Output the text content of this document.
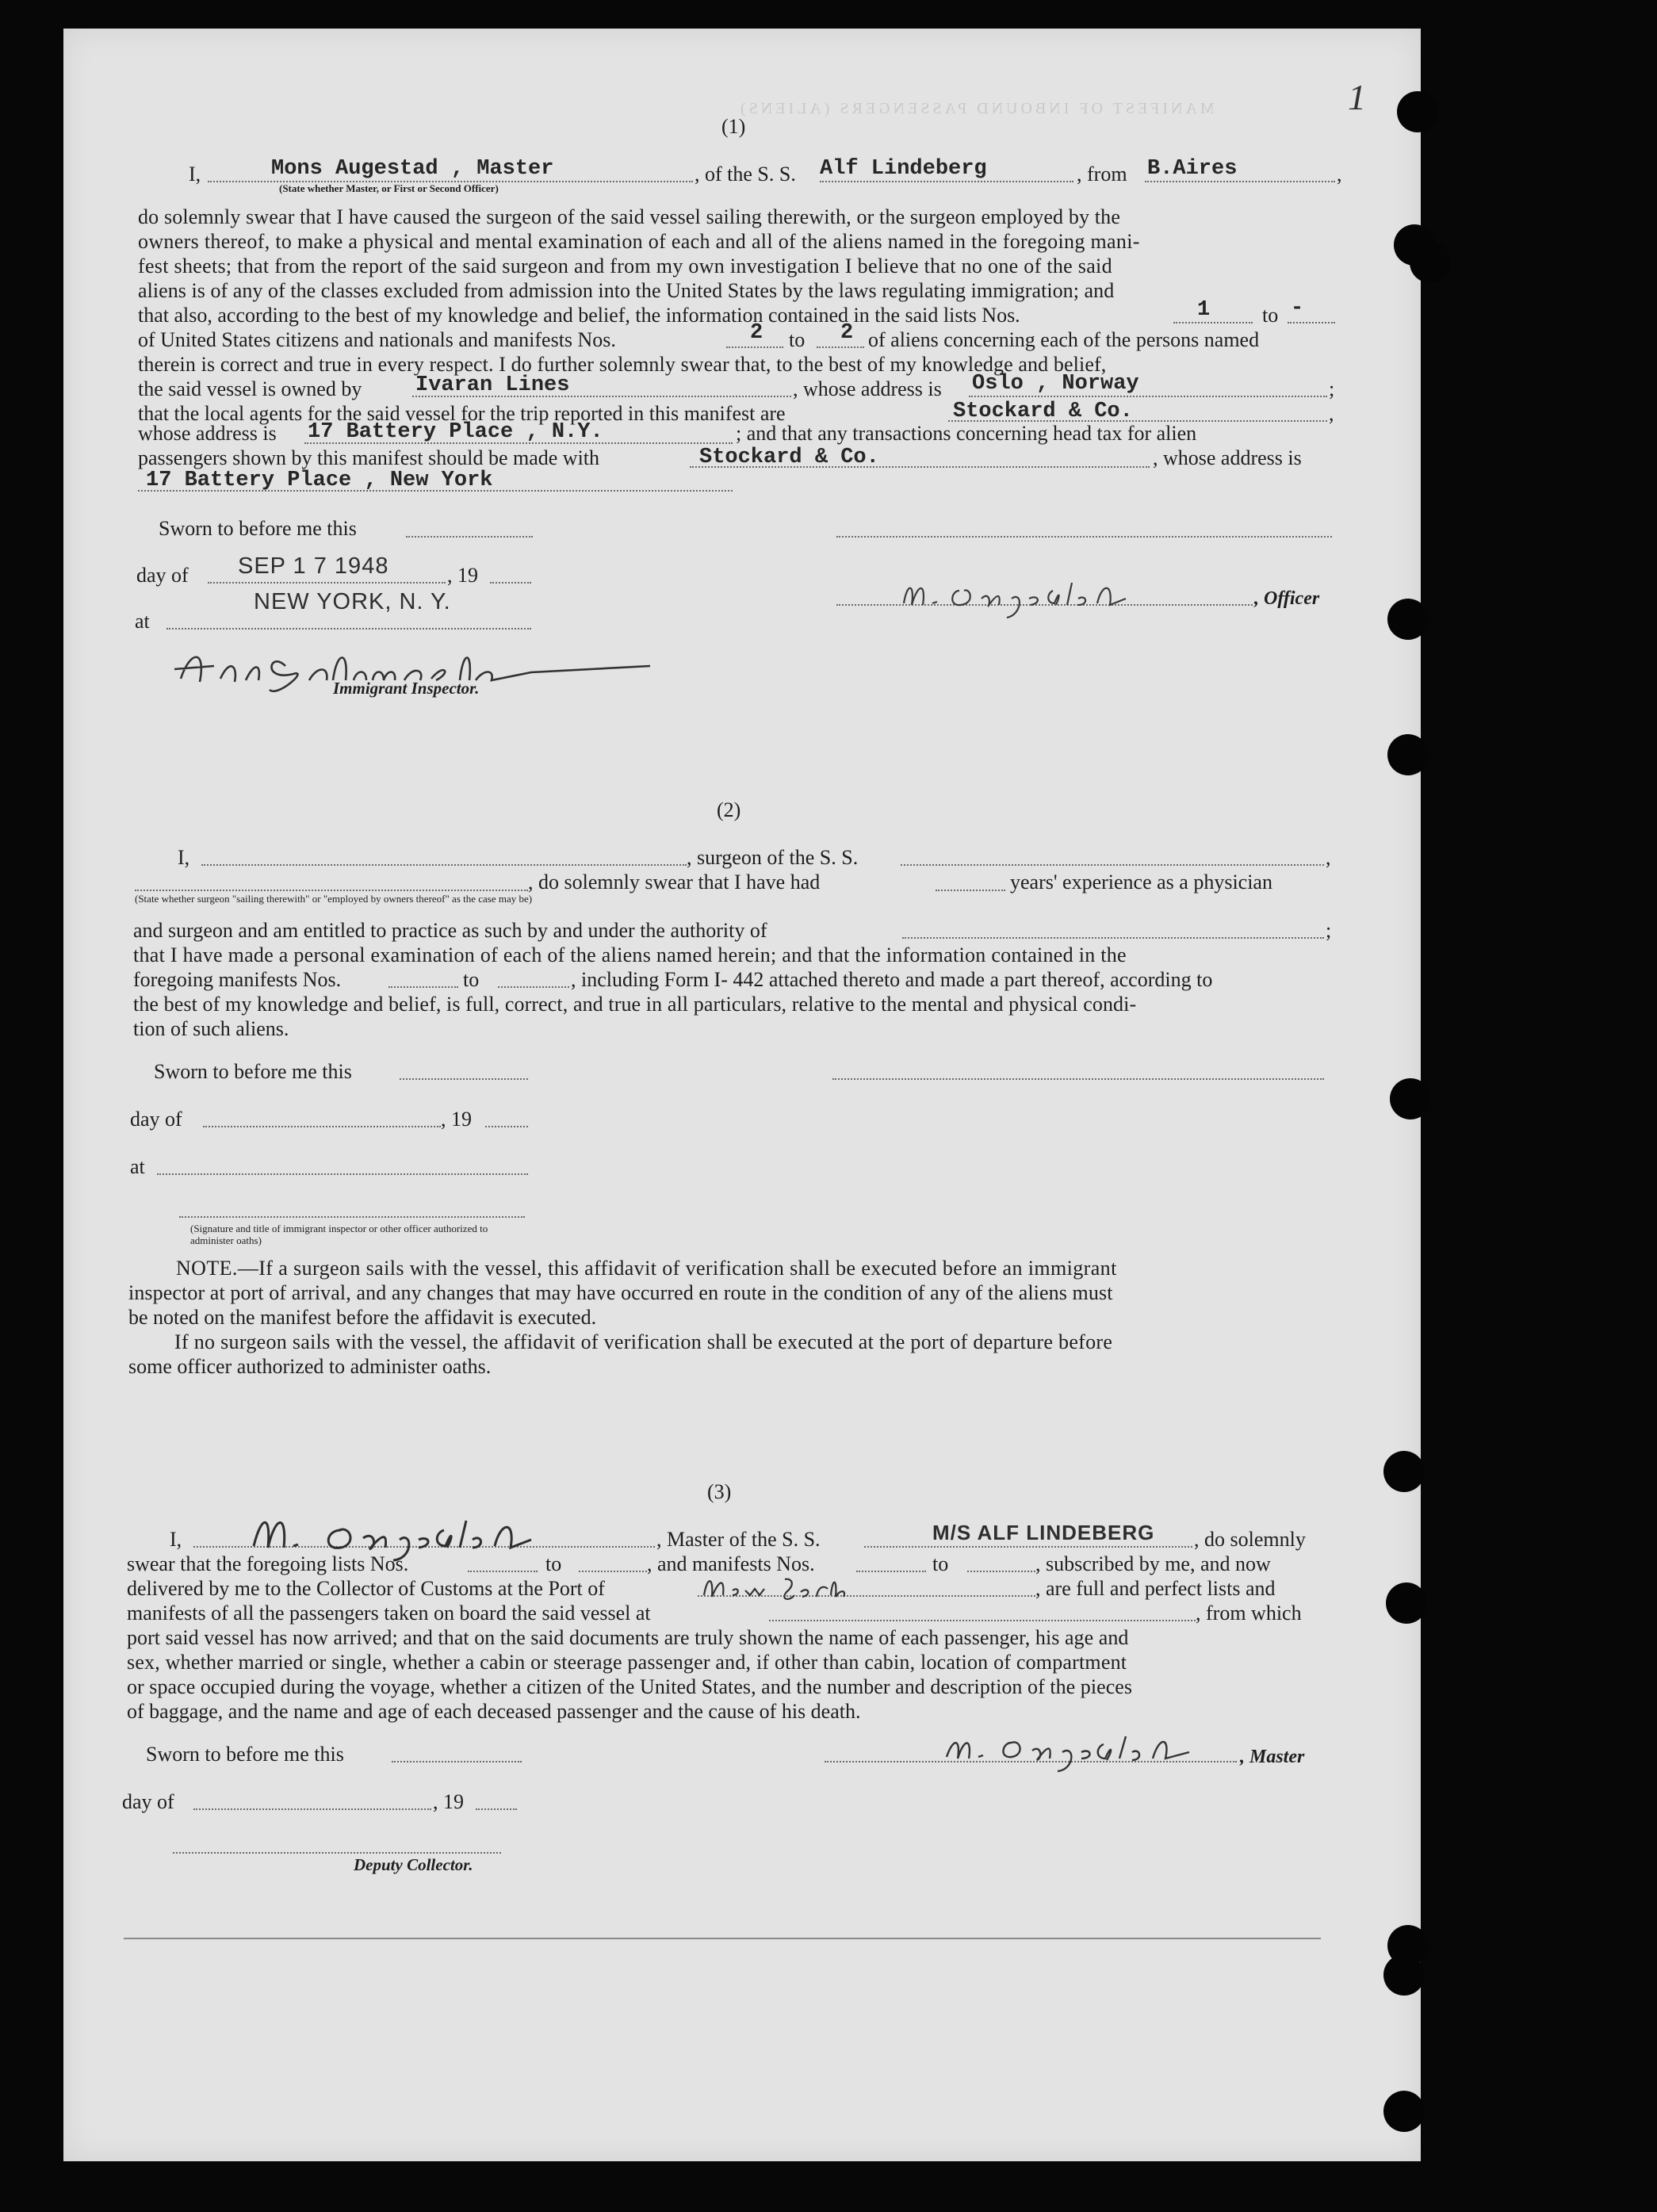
1
MANIFEST OF INBOUND PASSENGERS (ALIENS)
(1)
I,	Mons Augestad , Master
(State whether Master, or First or Second Officer)
, of the S. S. Alf Lindeberg	, from B.Aires	,
do solemnly swear that I have caused the surgeon of the said vessel sailing therewith, or the surgeon employed by the
owners thereof, to make a physical and mental examination of each and all of the aliens named in the foregoing mani-
fest sheets; that from the report of the said surgeon and from my own investigation I believe that no one of the said
aliens is of any of the classes excluded from admission into the United States by the laws regulating immigration; and
that also, according to the best of my knowledge and belief, the information contained in the said lists Nos.	1	to -
of United States citizens and nationals and manifests Nos.	2 to 2 of aliens concerning each of the persons named
therein is correct and true in every respect. I do further solemnly swear that, to the best of my knowledge and belief,
the said vessel is owned by	Ivaran Lines	, whose address is Oslo , Norway	;
that the local agents for the said vessel for the trip reported in this manifest are	Stockard & Co.	,
whose address is 17 Battery Place , N.Y.	; and that any transactions concerning head tax for alien
passengers shown by this manifest should be made with	Stockard & Co.	, whose address is
17 Battery Place , New York
Sworn to before me this
day of SEP 1 7 1948	, 19
at
NEW YORK, N. Y.
Immigrant Inspector.
, Officer
(2)
I,	, surgeon of the S. S.	,
, do solemnly swear that I have had	years' experience as a physician
(State whether surgeon "sailing therewith" or "employed by owners thereof" as the case may be)
and surgeon and am entitled to practice as such by and under the authority of	;
that I have made a personal examination of each of the aliens named herein; and that the information contained in the
foregoing manifests Nos.	to	, including Form I- 442 attached thereto and made a part thereof, according to
the best of my knowledge and belief, is full, correct, and true in all particulars, relative to the mental and physical condi-
tion of such aliens.
Sworn to before me this
day of	, 19
at
(Signature and title of immigrant inspector or other officer authorized to administer oaths)
NOTE.—If a surgeon sails with the vessel, this affidavit of verification shall be executed before an immigrant
inspector at port of arrival, and any changes that may have occurred en route in the condition of any of the aliens must
be noted on the manifest before the affidavit is executed.
If no surgeon sails with the vessel, the affidavit of verification shall be executed at the port of departure before
some officer authorized to administer oaths.
(3)
I,	, Master of the S. S.	M/S ALF LINDEBERG , do solemnly
swear that the foregoing lists Nos.	to	, and manifests Nos.	to	, subscribed by me, and now
delivered by me to the Collector of Customs at the Port of	, are full and perfect lists and
manifests of all the passengers taken on board the said vessel at	, from which
port said vessel has now arrived; and that on the said documents are truly shown the name of each passenger, his age and
sex, whether married or single, whether a cabin or steerage passenger and, if other than cabin, location of compartment
or space occupied during the voyage, whether a citizen of the United States, and the number and description of the pieces
of baggage, and the name and age of each deceased passenger and the cause of his death.
Sworn to before me this	, Master
day of	, 19
Deputy Collector.
